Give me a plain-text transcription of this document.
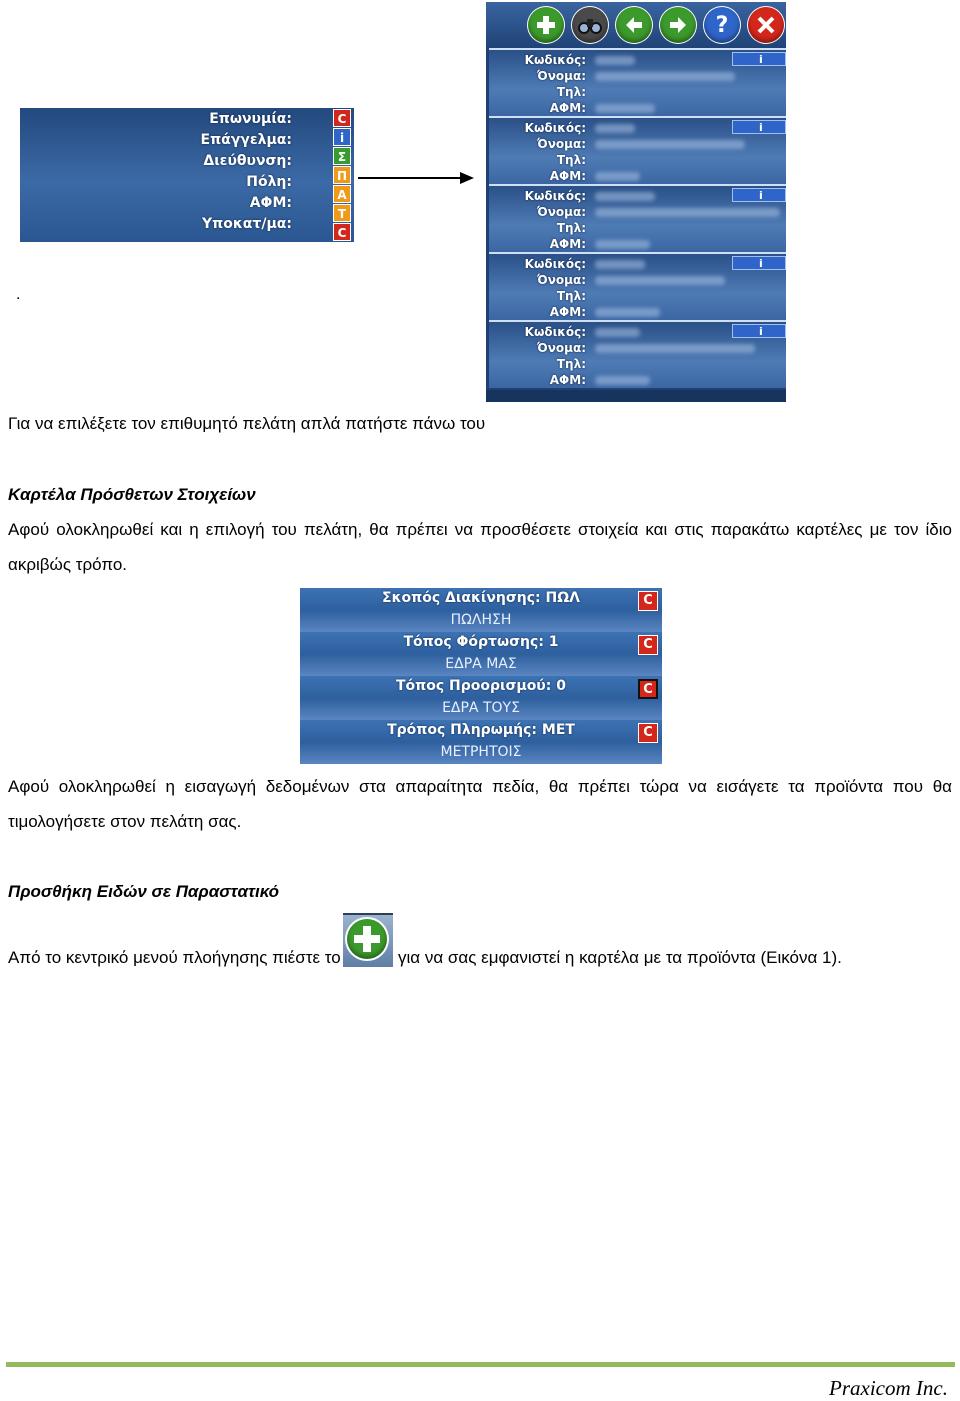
Επωνυμία:
Επάγγελμα:
Διεύθυνση:
Πόλη:
ΑΦΜ:
Υποκατ/μα:
C
i
Σ
Π
Α
Τ
C
.
?
Κωδικός:
Όνομα:
Τηλ:
ΑΦΜ:
i
Κωδικός:
Όνομα:
Τηλ:
ΑΦΜ:
i
Κωδικός:
Όνομα:
Τηλ:
ΑΦΜ:
i
Κωδικός:
Όνομα:
Τηλ:
ΑΦΜ:
i
Κωδικός:
Όνομα:
Τηλ:
ΑΦΜ:
i
Για να επιλέξετε τον επιθυμητό πελάτη απλά πατήστε πάνω του
Καρτέλα Πρόσθετων Στοιχείων
Αφού ολοκληρωθεί και η επιλογή του πελάτη, θα πρέπει να προσθέσετε στοιχεία και στις παρακάτω καρτέλες με τον ίδιο
ακριβώς τρόπο.
Σκοπός Διακίνησης: ΠΩΛ
ΠΩΛΗΣΗ
C
Τόπος Φόρτωσης: 1
ΕΔΡΑ ΜΑΣ
C
Τόπος Προορισμού: 0
ΕΔΡΑ ΤΟΥΣ
C
Τρόπος Πληρωμής: ΜΕΤ
ΜΕΤΡΗΤΟΙΣ
C
Αφού ολοκληρωθεί η εισαγωγή δεδομένων στα απαραίτητα πεδία, θα πρέπει τώρα να εισάγετε τα προϊόντα που θα
τιμολογήσετε στον πελάτη σας.
Προσθήκη Ειδών σε Παραστατικό
Από το κεντρικό μενού πλοήγησης πιέστε το	για να σας εμφανιστεί η καρτέλα με τα προϊόντα (Εικόνα 1).
Praxicom Inc.
